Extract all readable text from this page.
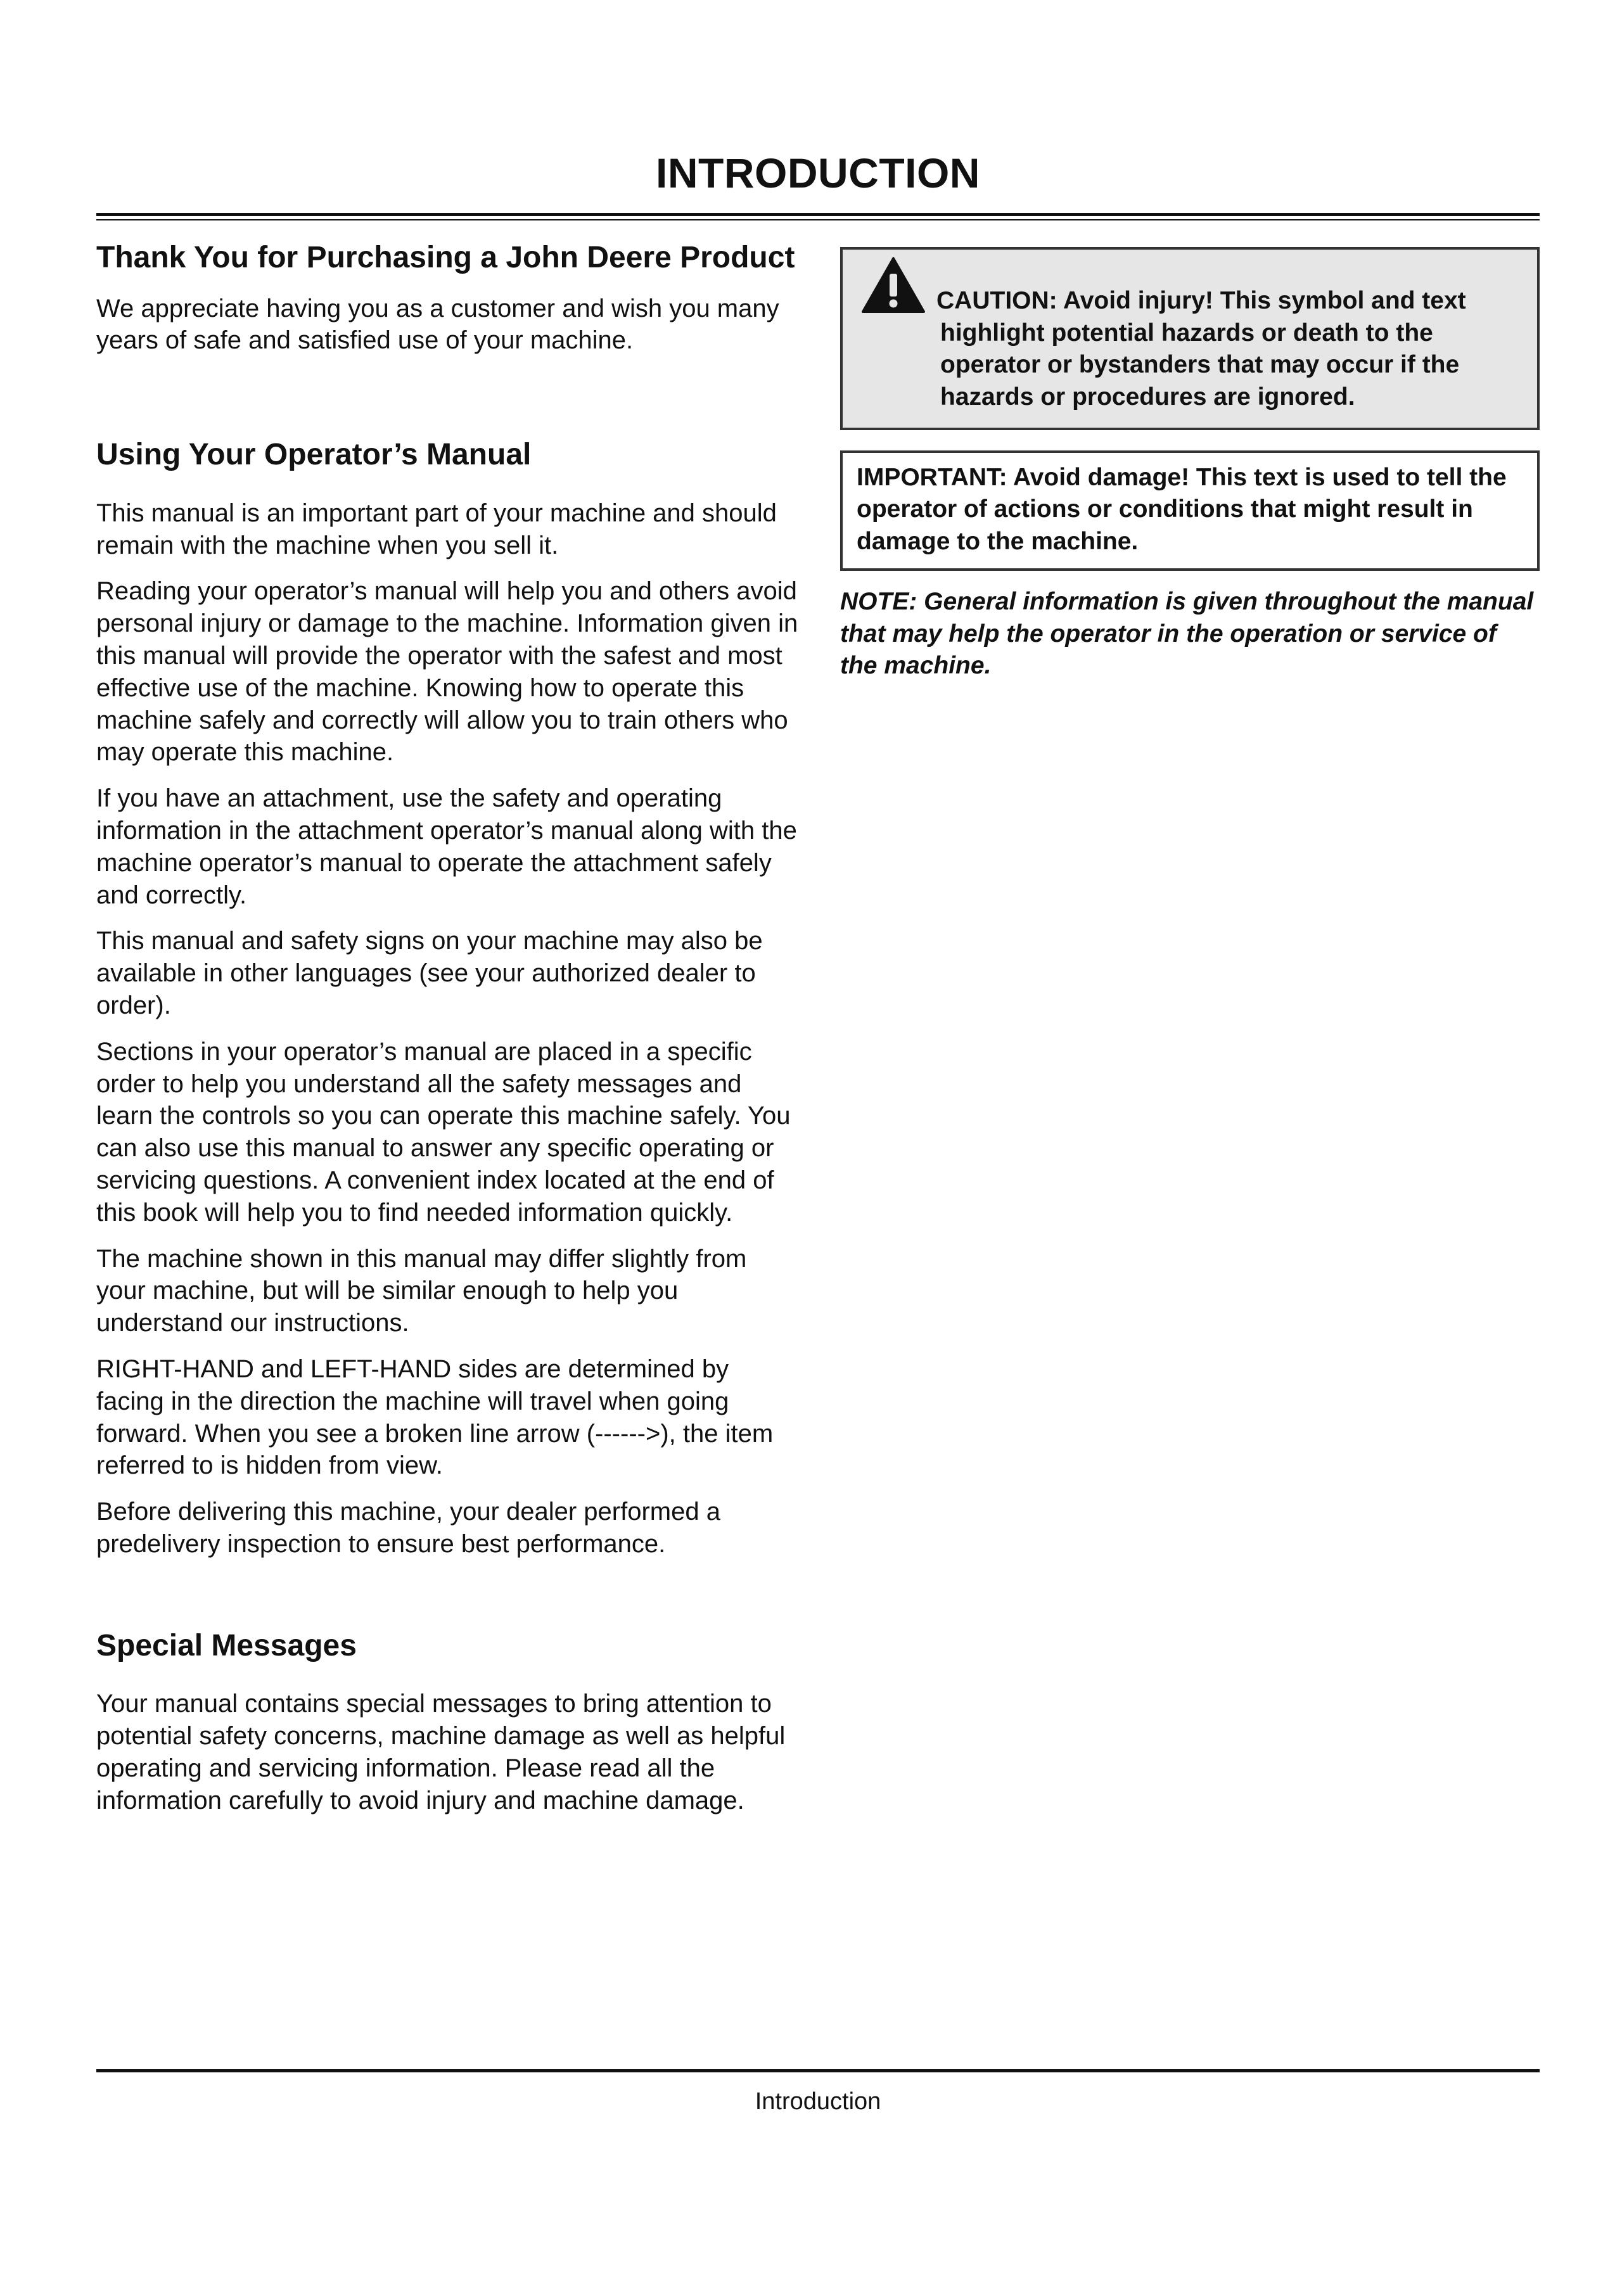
INTRODUCTION
Thank You for Purchasing a John Deere Product

We appreciate having you as a customer and wish you many years of safe and satisfied use of your machine.

Using Your Operator’s Manual

This manual is an important part of your machine and should remain with the machine when you sell it.

Reading your operator’s manual will help you and others avoid personal injury or damage to the machine. Information given in this manual will provide the operator with the safest and most effective use of the machine. Knowing how to operate this machine safely and correctly will allow you to train others who may operate this machine.

If you have an attachment, use the safety and operating information in the attachment operator’s manual along with the machine operator’s manual to operate the attachment safely and correctly.

This manual and safety signs on your machine may also be available in other languages (see your authorized dealer to order).

Sections in your operator’s manual are placed in a specific order to help you understand all the safety messages and learn the controls so you can operate this machine safely. You can also use this manual to answer any specific operating or servicing questions. A convenient index located at the end of this book will help you to find needed information quickly.

The machine shown in this manual may differ slightly from your machine, but will be similar enough to help you understand our instructions.

RIGHT-HAND and LEFT-HAND sides are determined by facing in the direction the machine will travel when going forward. When you see a broken line arrow (------>), the item referred to is hidden from view.

Before delivering this machine, your dealer performed a predelivery inspection to ensure best performance.

Special Messages

Your manual contains special messages to bring attention to potential safety concerns, machine damage as well as helpful operating and servicing information. Please read all the information carefully to avoid injury and machine damage.

CAUTION: Avoid injury! This symbol and text highlight potential hazards or death to the operator or bystanders that may occur if the hazards or procedures are ignored.
IMPORTANT: Avoid damage! This text is used to tell the operator of actions or conditions that might result in damage to the machine.
NOTE: General information is given throughout the manual that may help the operator in the operation or service of the machine.
Introduction
